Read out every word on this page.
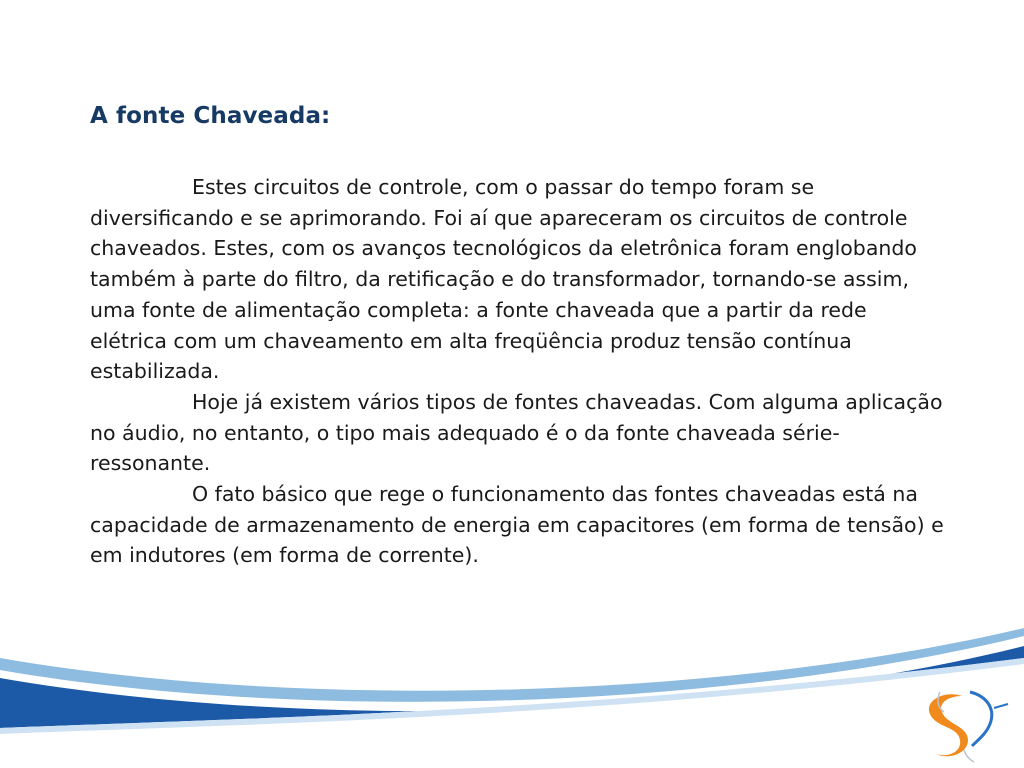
A fonte Chaveada:

Estes circuitos de controle, com o passar do tempo foram se diversificando e se aprimorando. Foi aí que apareceram os circuitos de controle chaveados. Estes, com os avanços tecnológicos da eletrônica foram englobando também à parte do filtro, da retificação e do transformador, tornando-se assim, uma fonte de alimentação completa: a fonte chaveada que a partir da rede elétrica com um chaveamento em alta freqüência produz tensão contínua estabilizada.

Hoje já existem vários tipos de fontes chaveadas. Com alguma aplicação no áudio, no entanto, o tipo mais adequado é o da fonte chaveada série-ressonante.

O fato básico que rege o funcionamento das fontes chaveadas está na capacidade de armazenamento de energia em capacitores (em forma de tensão) e em indutores (em forma de corrente).
